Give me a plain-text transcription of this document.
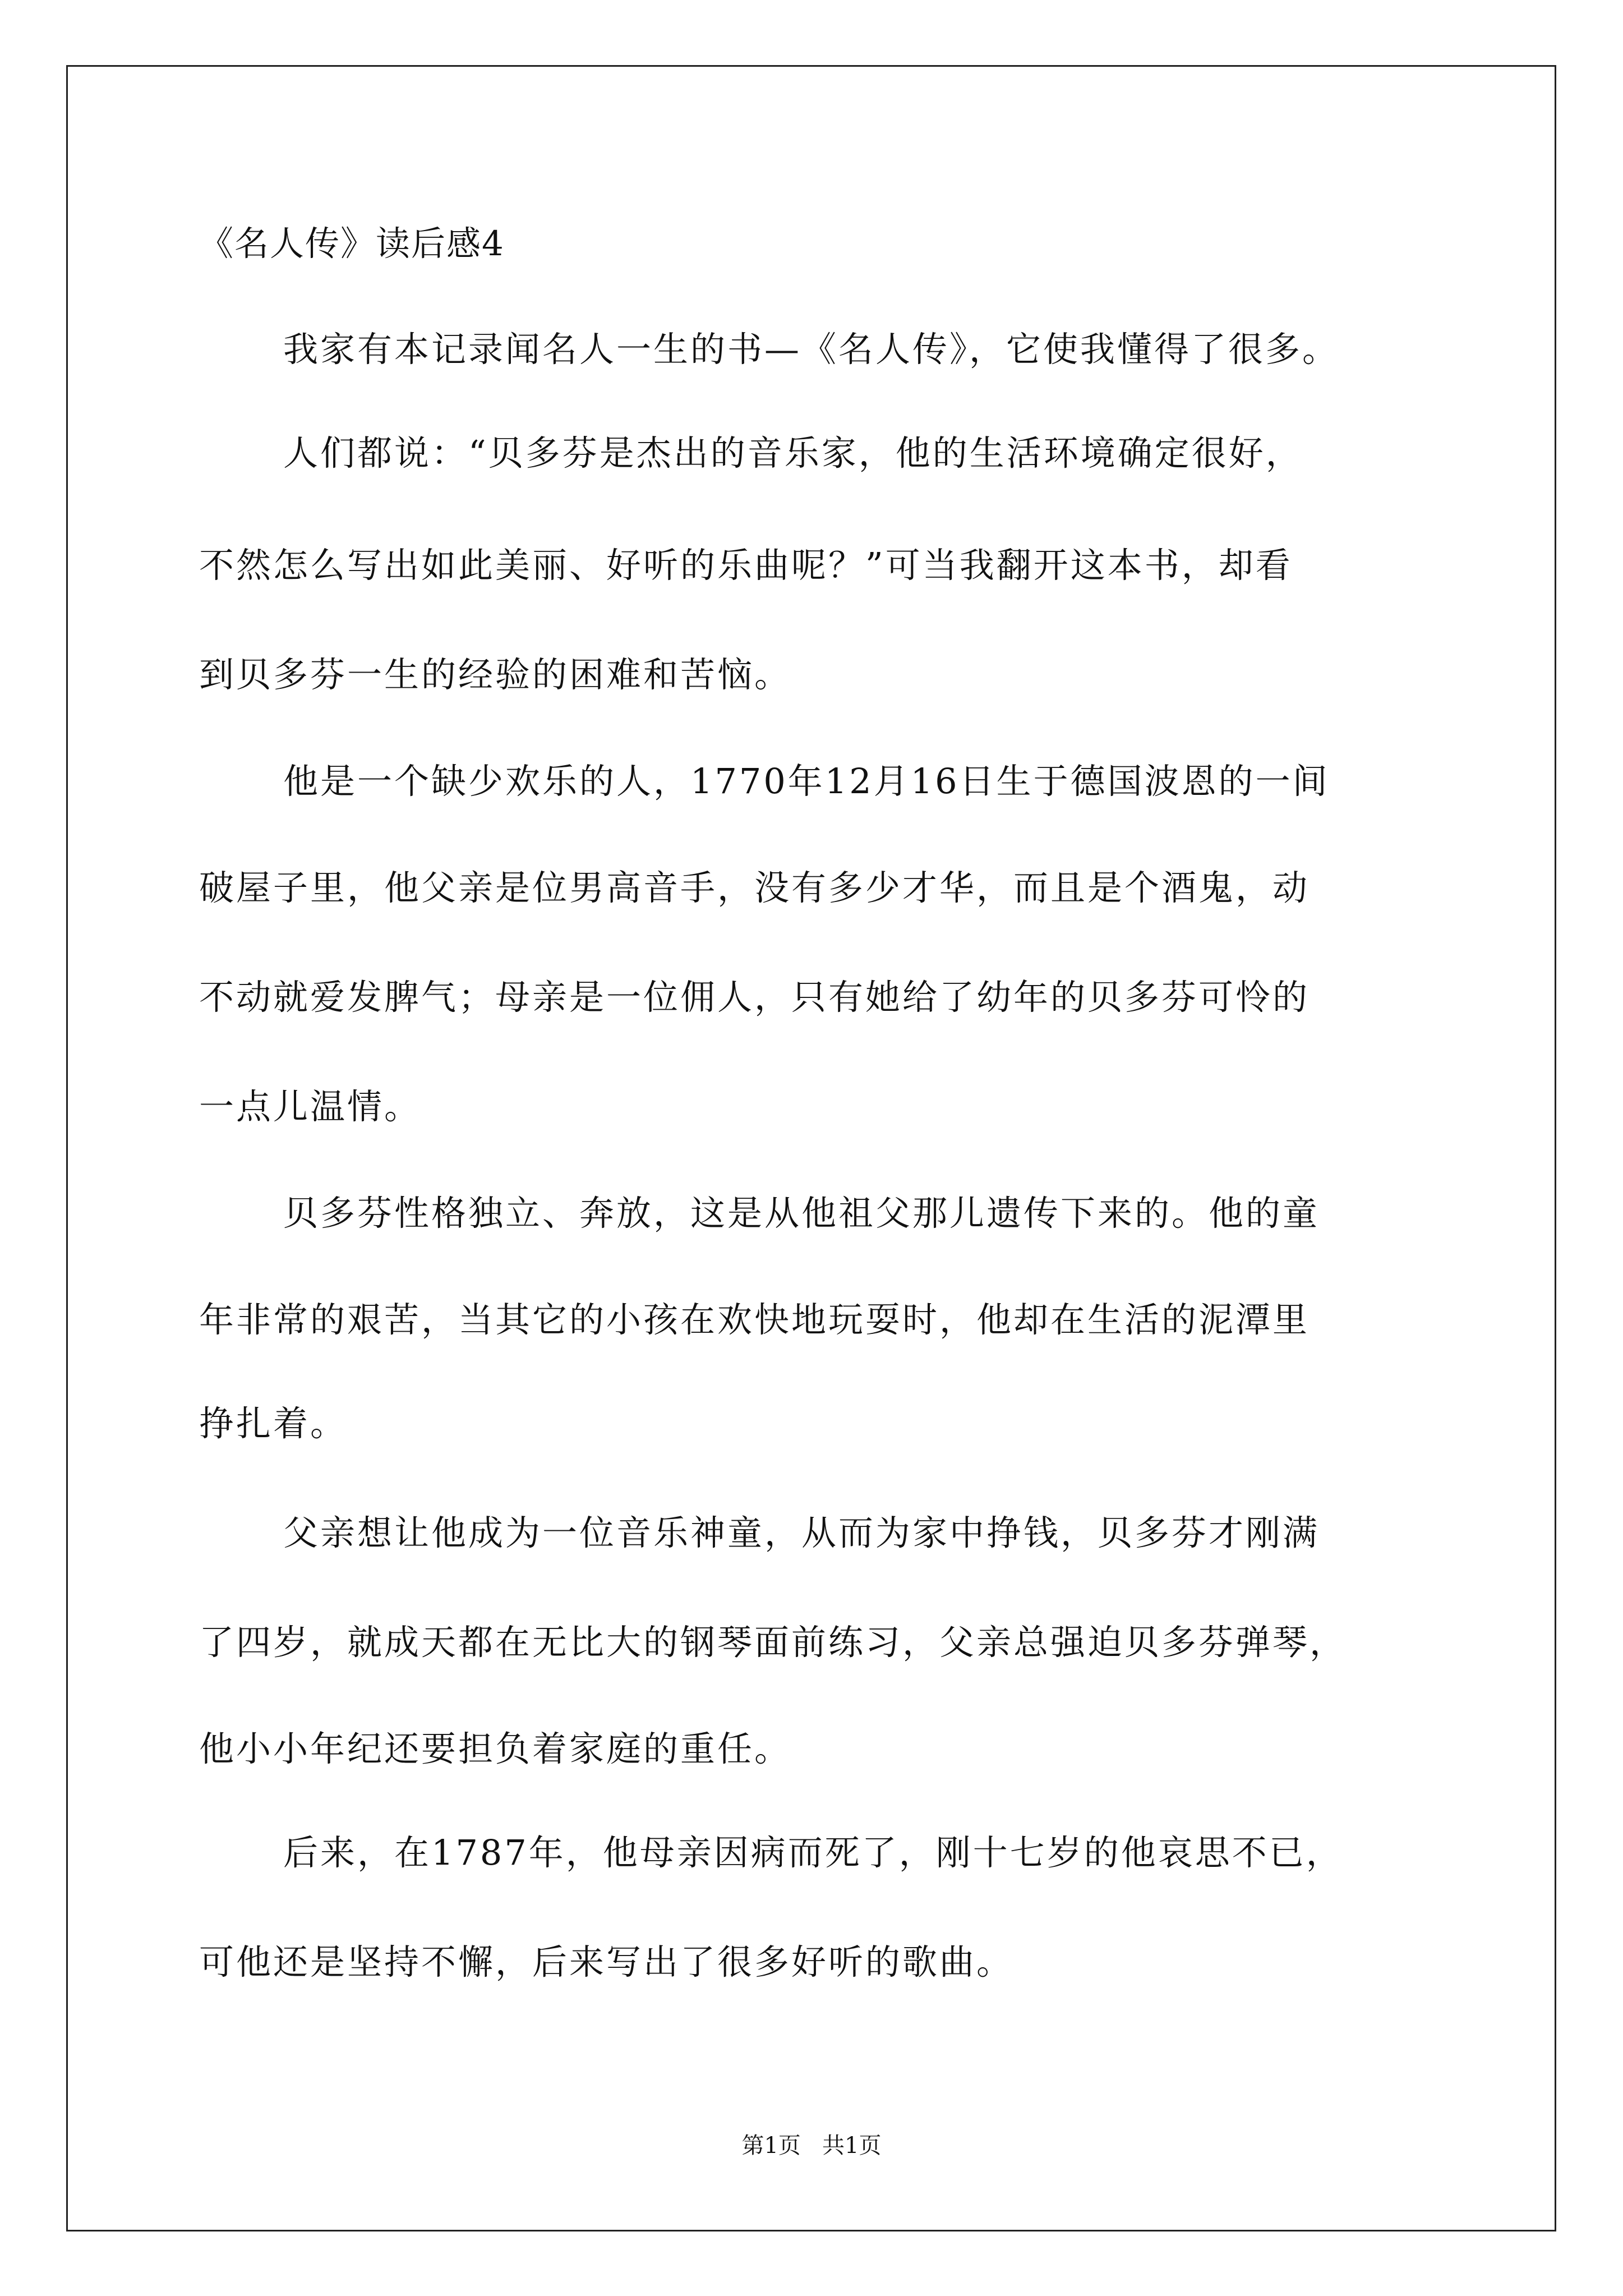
《名人传》读后感4
我家有本记录闻名人一生的书—《名人传》，它使我懂得了很多。
人们都说：“贝多芬是杰出的音乐家，他的生活环境确定很好，
不然怎么写出如此美丽、好听的乐曲呢？”可当我翻开这本书，却看
到贝多芬一生的经验的困难和苦恼。
他是一个缺少欢乐的人，1770年12月16日生于德国波恩的一间
破屋子里，他父亲是位男高音手，没有多少才华，而且是个酒鬼，动
不动就爱发脾气；母亲是一位佣人，只有她给了幼年的贝多芬可怜的
一点儿温情。
贝多芬性格独立、奔放，这是从他祖父那儿遗传下来的。他的童
年非常的艰苦，当其它的小孩在欢快地玩耍时，他却在生活的泥潭里
挣扎着。
父亲想让他成为一位音乐神童，从而为家中挣钱，贝多芬才刚满
了四岁，就成天都在无比大的钢琴面前练习，父亲总强迫贝多芬弹琴，
他小小年纪还要担负着家庭的重任。
后来，在1787年，他母亲因病而死了，刚十七岁的他哀思不已，
可他还是坚持不懈，后来写出了很多好听的歌曲。
第1页   共1页
